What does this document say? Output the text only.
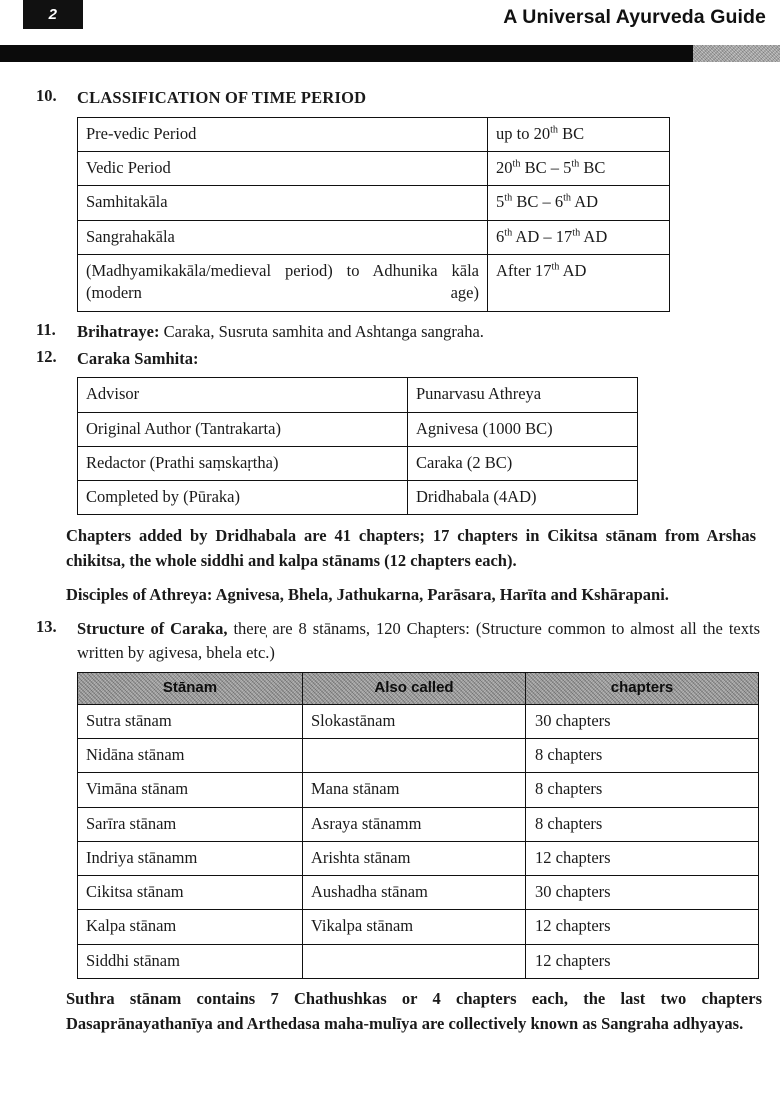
2	A Universal Ayurveda Guide
10.	CLASSIFICATION OF TIME PERIOD
Pre-vedic Period	up to 20th BC
Vedic Period	20th BC – 5th BC
Samhitakāla	5th BC – 6th AD
Sangrahakāla	6th AD – 17th AD
(Madhyamikakāla/medieval period) to Adhunika kāla (modern age)	After 17th AD
11.	Brihatraye: Caraka, Susruta samhita and Ashtanga sangraha.
12.	Caraka Samhita:
Advisor	Punarvasu Athreya
Original Author (Tantrakarta)	Agnivesa (1000 BC)
Redactor (Prathi saṃskaṛtha)	Caraka (2 BC)
Completed by (Pūraka)	Dridhabala (4AD)

Chapters added by Dridhabala are 41 chapters; 17 chapters in Cikitsa stānam from Arshas chikitsa, the whole siddhi and kalpa stānams (12 chapters each).

Disciples of Athreya: Agnivesa, Bhela, Jathukarna, Parāsara, Harīta and Kshārapani.

13.	Structure of Caraka, there̩ are 8 stānams, 120 Chapters: (Structure common to almost all the texts written by agivesa, bhela etc.)
Stānam	Also called	chapters
Sutra stānam	Slokastānam	30 chapters
Nidāna stānam		8 chapters
Vimāna stānam	Mana stānam	8 chapters
Sarīra stānam	Asraya stānamm	8 chapters
Indriya stānamm	Arishta stānam	12 chapters
Cikitsa stānam	Aushadha stānam	30 chapters
Kalpa stānam	Vikalpa stānam	12 chapters
Siddhi stānam		12 chapters

Suthra stānam contains 7 Chathushkas or 4 chapters each, the last two chapters Dasaprānayathanīya and Arthedasa maha-mulīya are collectively known as Sangraha adhyayas.
